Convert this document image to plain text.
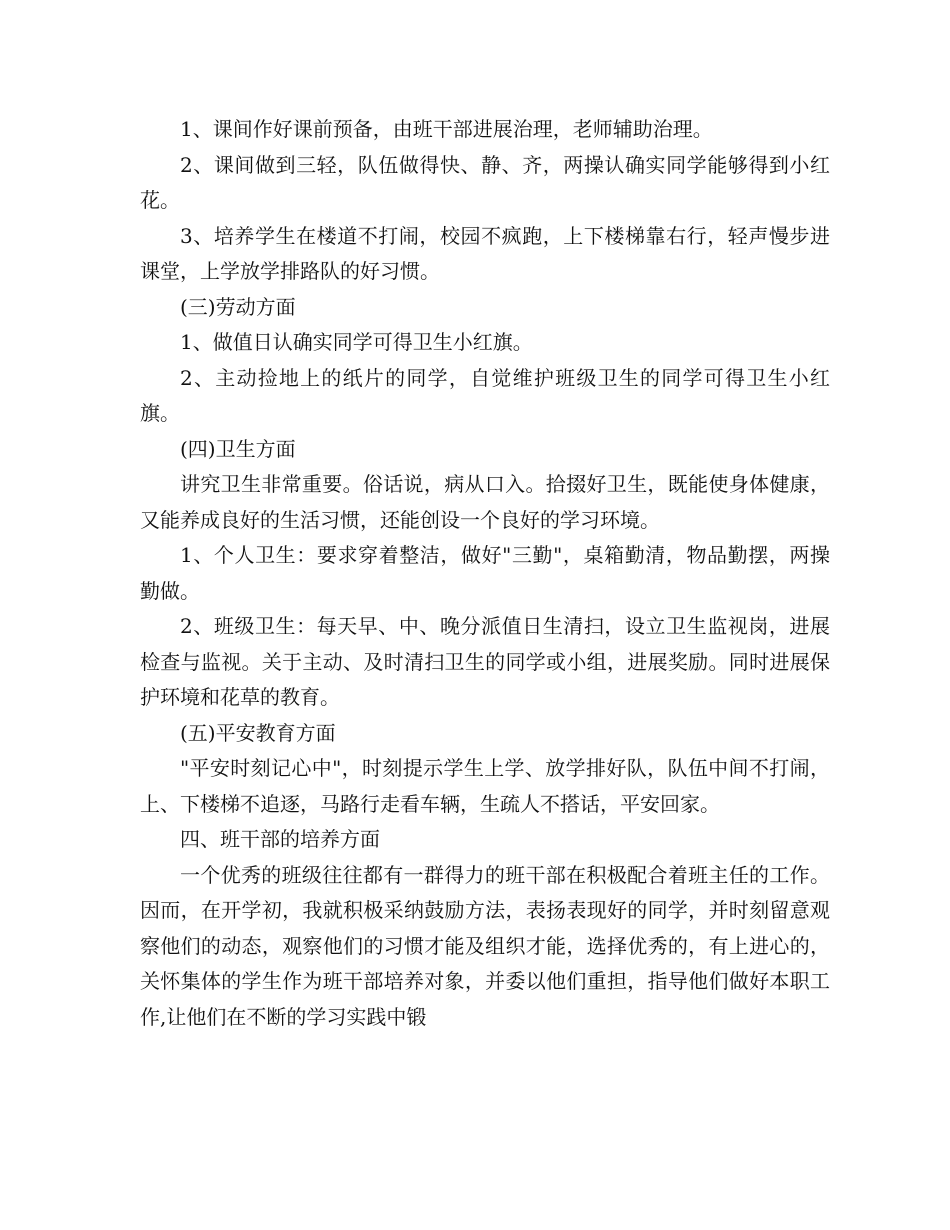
1、课间作好课前预备，由班干部进展治理，老师辅助治理。

2、课间做到三轻，队伍做得快、静、齐，两操认确实同学能够得到小红花。

3、培养学生在楼道不打闹，校园不疯跑，上下楼梯靠右行，轻声慢步进课堂，上学放学排路队的好习惯。

(三)劳动方面

1、做值日认确实同学可得卫生小红旗。

2、主动捡地上的纸片的同学，自觉维护班级卫生的同学可得卫生小红旗。

(四)卫生方面

讲究卫生非常重要。俗话说，病从口入。拾掇好卫生，既能使身体健康，又能养成良好的生活习惯，还能创设一个良好的学习环境。

1、个人卫生：要求穿着整洁，做好"三勤"，桌箱勤清，物品勤摆，两操勤做。

2、班级卫生：每天早、中、晚分派值日生清扫，设立卫生监视岗，进展检查与监视。关于主动、及时清扫卫生的同学或小组，进展奖励。同时进展保护环境和花草的教育。

(五)平安教育方面

"平安时刻记心中"，时刻提示学生上学、放学排好队，队伍中间不打闹，上、下楼梯不追逐，马路行走看车辆，生疏人不搭话，平安回家。

四、班干部的培养方面

一个优秀的班级往往都有一群得力的班干部在积极配合着班主任的工作。因而，在开学初，我就积极采纳鼓励方法，表扬表现好的同学，并时刻留意观察他们的动态，观察他们的习惯才能及组织才能，选择优秀的，有上进心的，关怀集体的学生作为班干部培养对象，并委以他们重担，指导他们做好本职工作,让他们在不断的学习实践中锻
